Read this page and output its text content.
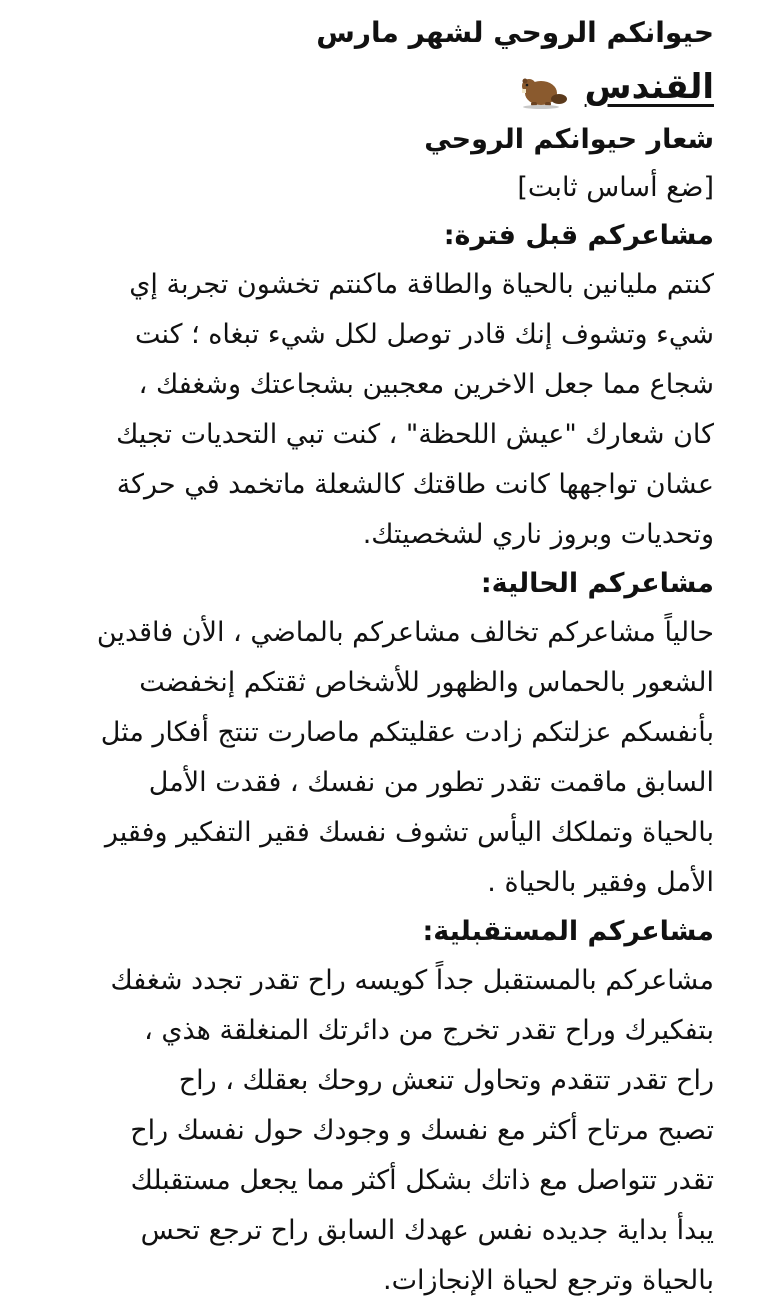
حيوانكم الروحي لشهر مارس
القندس
شعار حيوانكم الروحي
[ضع أساس ثابت]
مشاعركم قبل فترة:
كنتم مليانين بالحياة والطاقة ماكنتم تخشون تجربة إي
شيء وتشوف إنك قادر توصل لكل شيء تبغاه ؛ كنت
شجاع مما جعل الاخرين معجبين بشجاعتك وشغفك ،
كان شعارك "عيش اللحظة" ، كنت تبي التحديات تجيك
عشان تواجهها كانت طاقتك كالشعلة ماتخمد في حركة
وتحديات وبروز ناري لشخصيتك.
مشاعركم الحالية:
حالياً مشاعركم تخالف مشاعركم بالماضي ، الأن فاقدين
الشعور بالحماس والظهور للأشخاص ثقتكم إنخفضت
بأنفسكم عزلتكم زادت عقليتكم ماصارت تنتج أفكار مثل
السابق ماقمت تقدر تطور من نفسك ، فقدت الأمل
بالحياة وتملكك اليأس تشوف نفسك فقير التفكير وفقير
الأمل وفقير بالحياة .
مشاعركم المستقبلية:
مشاعركم بالمستقبل جداً كويسه راح تقدر تجدد شغفك
بتفكيرك وراح تقدر تخرج من دائرتك المنغلقة هذي ،
راح تقدر تتقدم وتحاول تنعش روحك بعقلك ، راح
تصبح مرتاح أكثر مع نفسك و وجودك حول نفسك راح
تقدر تتواصل مع ذاتك بشكل أكثر مما يجعل مستقبلك
يبدأ بداية جديده نفس عهدك السابق راح ترجع تحس
بالحياة وترجع لحياة الإنجازات.
